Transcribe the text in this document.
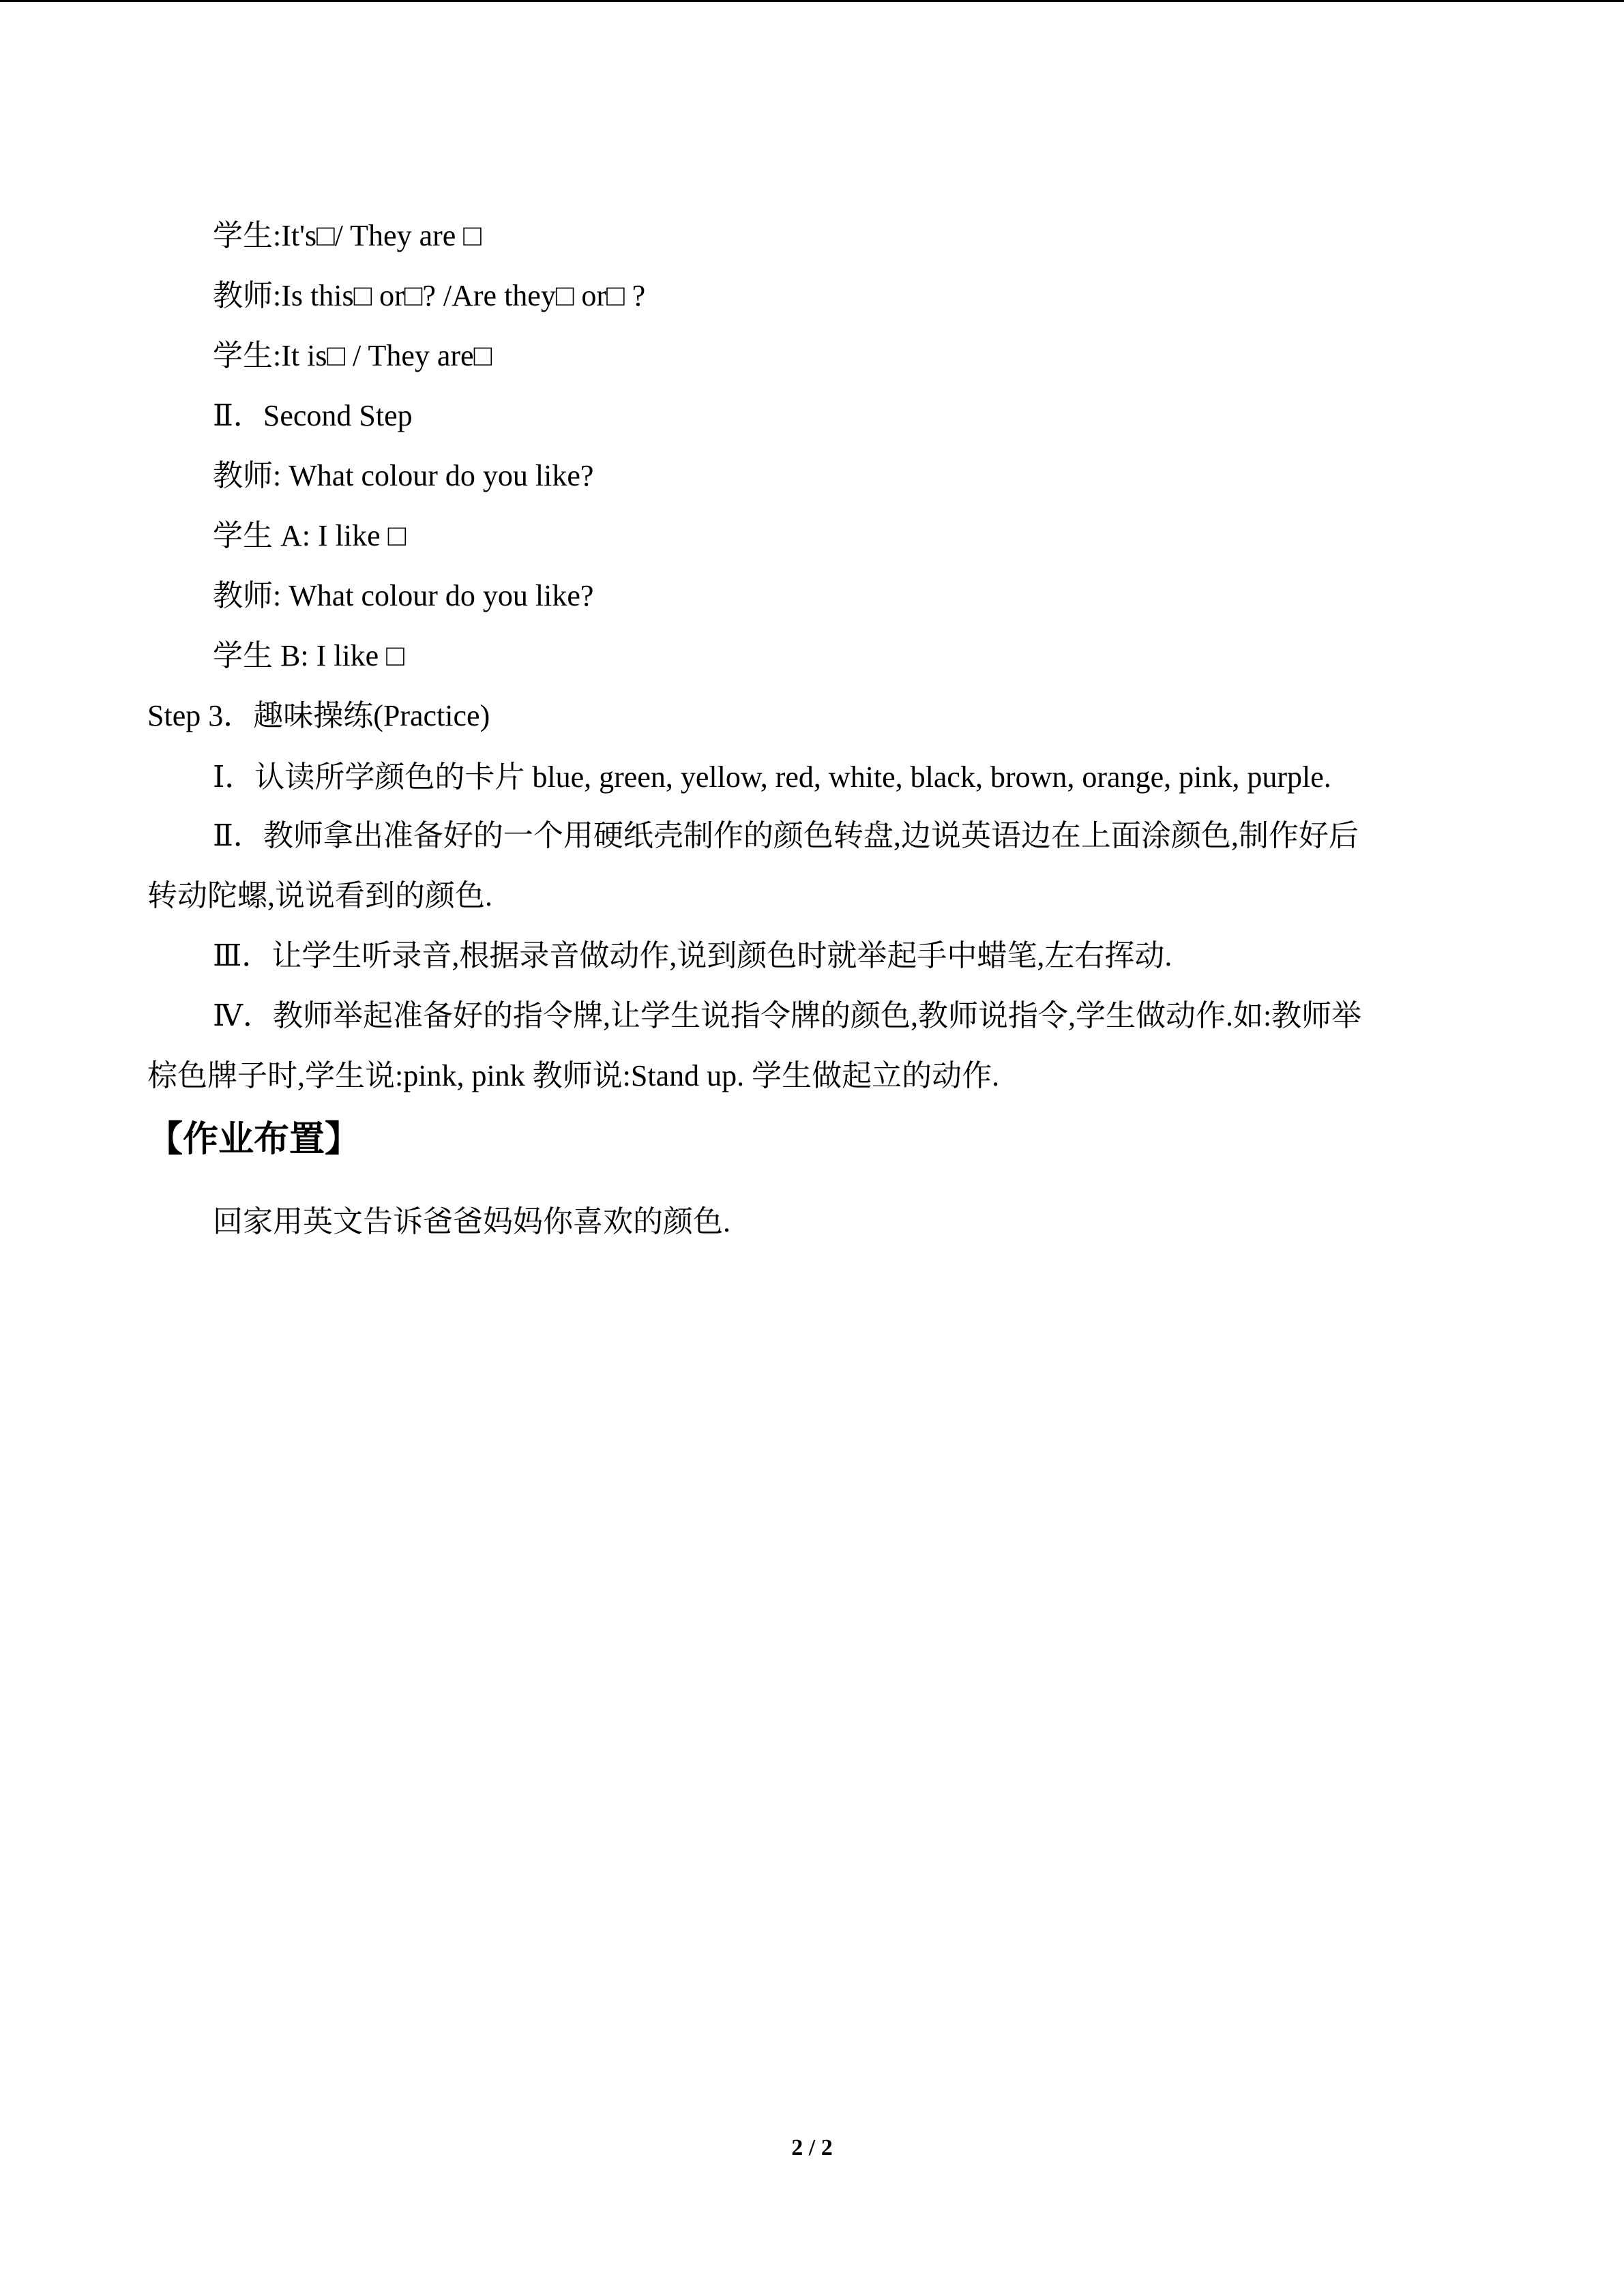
学生:It's□/ They are □
教师:Is this□ or□? /Are they□ or□ ?
学生:It is□ / They are□
Ⅱ．Second Step
教师: What colour do you like?
学生 A: I like □
教师: What colour do you like?
学生 B: I like □
Step 3．趣味操练(Practice)
Ⅰ．认读所学颜色的卡片 blue, green, yellow, red, white, black, brown, orange, pink, purple.
Ⅱ．教师拿出准备好的一个用硬纸壳制作的颜色转盘,边说英语边在上面涂颜色,制作好后
转动陀螺,说说看到的颜色.
Ⅲ．让学生听录音,根据录音做动作,说到颜色时就举起手中蜡笔,左右挥动.
Ⅳ．教师举起准备好的指令牌,让学生说指令牌的颜色,教师说指令,学生做动作.如:教师举
棕色牌子时,学生说:pink, pink 教师说:Stand up. 学生做起立的动作.
【作业布置】
回家用英文告诉爸爸妈妈你喜欢的颜色.
2 / 2
